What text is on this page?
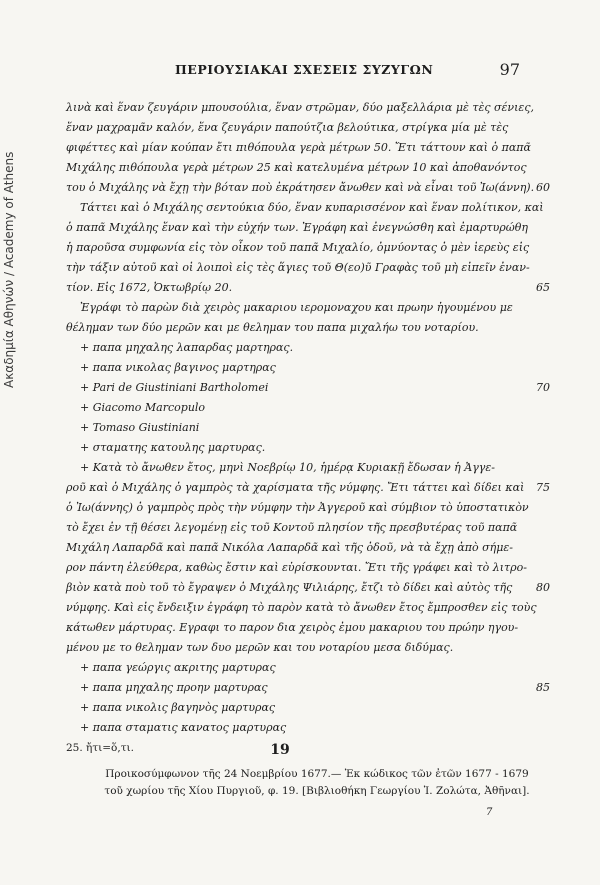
Ακαδημία Αθηνών / Academy of Athens
ΠΕΡΙΟΥΣΙΑΚΑΙ ΣΧΕΣΕΙΣ ΣΥΖΥΓΩΝ	97
λινὰ καὶ ἕναν ζευγάριν μπουσούλια, ἕναν στρῶμαν, δύο μαξελλάρια μὲ τὲς σένιες,
ἕναν μαχραμᾶν καλόν, ἕνα ζευγάριν παπούτζια βελούτικα, στρίγκα μία μὲ τὲς
φιφέττες καὶ μίαν κούπαν ἔτι πιθόπουλα γερὰ μέτρων 50. Ἔτι τάττουν καὶ ὁ παπᾶ
Μιχάλης πιθόπουλα γερὰ μέτρων 25 καὶ κατελυμένα μέτρων 10 καὶ ἀποθανόντος
του ὁ Μιχάλης νὰ ἔχῃ τὴν βόταν ποὺ ἐκράτησεν ἄνωθεν καὶ νὰ εἶναι τοῦ Ἰω(άννη). 60
Τάττει καὶ ὁ Μιχάλης σεντούκια δύο, ἕναν κυπαρισσένον καὶ ἕναν πολίτικον, καὶ
ὁ παπᾶ Μιχάλης ἕναν καὶ τὴν εὐχήν των. Ἐγράφη καὶ ἐνεγνώσθη καὶ ἐμαρτυρώθη
ἡ παροῦσα συμφωνία εἰς τὸν οἶκον τοῦ παπᾶ Μιχαλίο, ὀμνύοντας ὁ μὲν ἱερεὺς εἰς
τὴν τάξιν αὐτοῦ καὶ οἱ λοιποὶ εἰς τὲς ἅγιες τοῦ Θ(εο)ῦ Γραφὰς τοῦ μὴ εἰπεῖν ἐναν-
τίον. Εἰς 1672, Ὀκτωβρίῳ 20.	65
Ἐγράφι τὸ παρὼν διὰ χειρὸς μακαριου ιερομοναχου και πρωην ἡγουμένου με
θέλημαν των δύο μερῶν και με θελημαν του παπα μιχαλήω του νοταρίου.
+ παπα μηχαλης λαπαρδας μαρτηρας.
+ παπα νικολας βαγινος μαρτηρας
+ Pari de Giustiniani Bartholomei	70
+ Giacomo Marcopulo
+ Tomaso Giustiniani
+ σταματης κατουλης μαρτυρας.
+ Κατὰ τὸ ἄνωθεν ἔτος, μηνὶ Νοεβρίῳ 10, ἡμέρᾳ Κυριακῇ ἔδωσαν ἡ Ἀγγε-
ρoῦ καὶ ὁ Μιχάλης ὁ γαμπρὸς τὰ χαρίσματα τῆς νύμφης. Ἔτι τάττει καὶ δίδει καὶ 75
ὁ Ἰω(άννης) ὁ γαμπρὸς πρὸς τὴν νύμφην τὴν Ἀγγεροῦ καὶ σύμβιον τὸ ὑποστατικὸν
τὸ ἔχει ἐν τῇ θέσει λεγομένῃ εἰς τοῦ Κοντοῦ πλησίον τῆς πρεσβυτέρας τοῦ παπᾶ
Μιχάλη Λαπαρδᾶ καὶ παπᾶ Νικόλα Λαπαρδᾶ καὶ τῆς ὁδοῦ, νὰ τὰ ἔχῃ ἀπὸ σήμε-
ρον πάντη ἐλεύθερα, καθὼς ἔστιν καὶ εὑρίσκουνται. Ἔτι τῆς γράφει καὶ τὸ λιτρο-
βιὸν κατὰ ποὺ τοῦ τὸ ἔγραψεν ὁ Μιχάλης Ψιλιάρης, ἔτζι τὸ δίδει καὶ αὐτὸς τῆς 80
νύμφης. Καὶ εἰς ἔνδειξιν ἐγράφη τὸ παρὸν κατὰ τὸ ἄνωθεν ἔτος ἔμπροσθεν εἰς τοὺς
κάτωθεν μάρτυρας. Εγραφι το παρον δια χειρὸς ἐμου μακαριου του πρώην ηγου-
μένου με το θελημαν των δυο μερῶν και του νοταρίου μεσα διδύμας.
+ παπα γεώργις ακριτης μαρτυρας
+ παπα μηχαλης προην μαρτυρας	85
+ παπα νικολις βαγηνὸς μαρτυρας
+ παπα σταματις κανατος μαρτυρας
25. ἤτι=ὅ,τι.	19
Προικοσύμφωνον τῆς 24 Νοεμβρίου 1677.— Ἐκ κώδικος τῶν ἐτῶν 1677 - 1679
τοῦ χωρίου τῆς Χίου Πυργιοῦ, φ. 19. [Βιβλιοθήκη Γεωργίου Ἰ. Ζολώτα, Ἀθῆναι].
7
